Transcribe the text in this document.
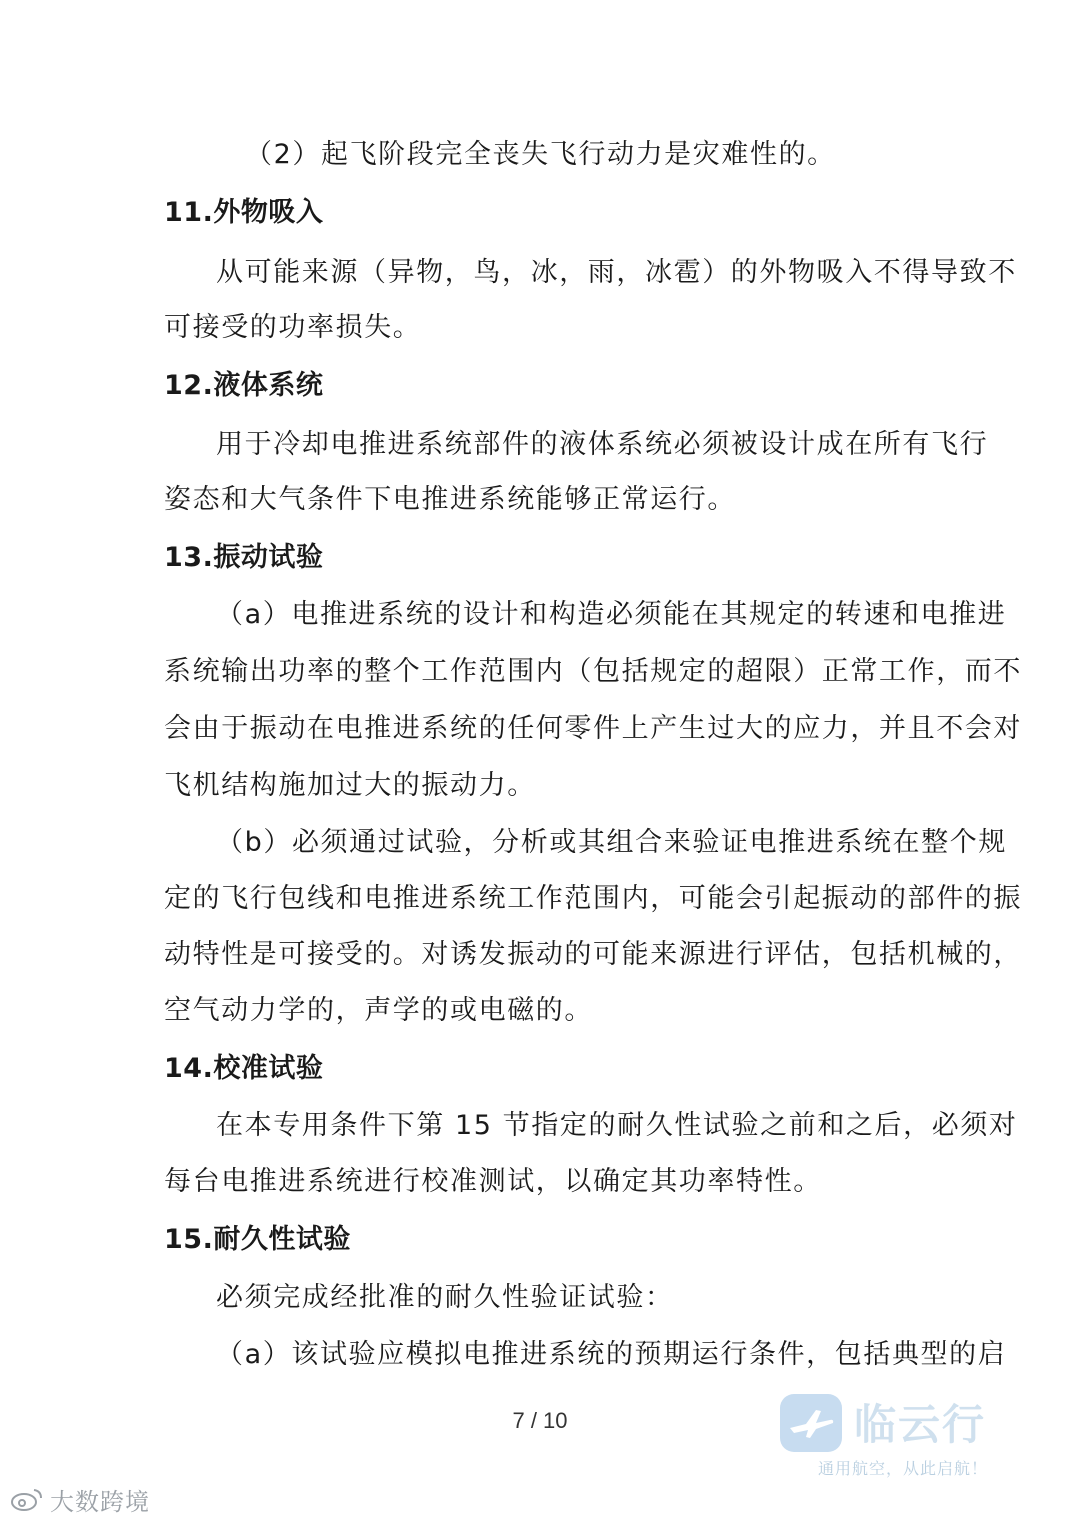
（2）起飞阶段完全丧失飞行动力是灾难性的。

11.外物吸入

从可能来源（异物，鸟，冰，雨，冰雹）的外物吸入不得导致不

可接受的功率损失。

12.液体系统

用于冷却电推进系统部件的液体系统必须被设计成在所有飞行

姿态和大气条件下电推进系统能够正常运行。

13.振动试验

（a）电推进系统的设计和构造必须能在其规定的转速和电推进

系统输出功率的整个工作范围内（包括规定的超限）正常工作，而不

会由于振动在电推进系统的任何零件上产生过大的应力，并且不会对

飞机结构施加过大的振动力。

（b）必须通过试验，分析或其组合来验证电推进系统在整个规

定的飞行包线和电推进系统工作范围内，可能会引起振动的部件的振

动特性是可接受的。对诱发振动的可能来源进行评估，包括机械的，

空气动力学的，声学的或电磁的。

14.校准试验

在本专用条件下第 15 节指定的耐久性试验之前和之后，必须对

每台电推进系统进行校准测试，以确定其功率特性。

15.耐久性试验

必须完成经批准的耐久性验证试验：

（a）该试验应模拟电推进系统的预期运行条件，包括典型的启

7 / 10	临云行
通用航空，从此启航！
大数跨境
